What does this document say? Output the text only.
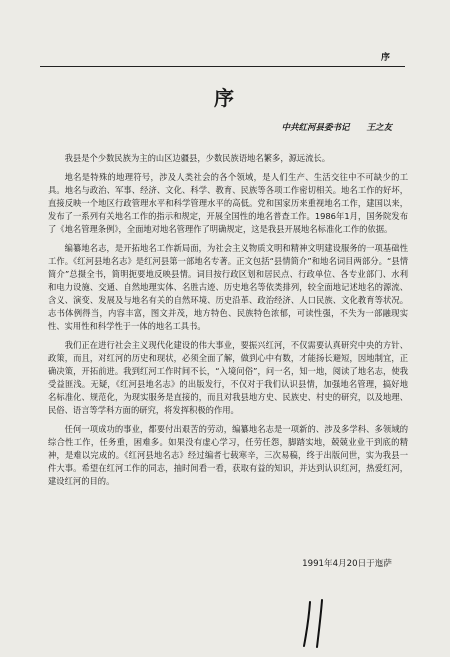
序
序
中共红河县委书记 王之友

我县是个少数民族为主的山区边疆县，少数民族语地名繁多，源远流长。

地名是特殊的地理符号，涉及人类社会的各个领域，是人们生产、生活交往中不可缺少的工具。地名与政治、军事、经济、文化、科学、教育、民族等各项工作密切相关。地名工作的好坏，直接反映一个地区行政管理水平和科学管理水平的高低。党和国家历来重视地名工作，建国以来，发布了一系列有关地名工作的指示和规定，开展全国性的地名普查工作。1986年1月，国务院发布了《地名管理条例》，全面地对地名管理作了明确规定，这是我县开展地名标准化工作的依据。

编纂地名志，是开拓地名工作新局面，为社会主义物质文明和精神文明建设服务的一项基础性工作。《红河县地名志》是红河县第一部地名专著。正文包括“县情简介”和地名词目两部分。“县情简介”总摄全书，简明扼要地反映县情。词目按行政区划和居民点、行政单位、各专业部门、水利和电力设施、交通、自然地理实体、名胜古迹、历史地名等依类排列，较全面地记述地名的源流、含义、演变、发展及与地名有关的自然环境、历史沿革、政治经济、人口民族、文化教育等状况。志书体例得当，内容丰富，图文并茂，地方特色、民族特色浓郁，可读性强，不失为一部融现实性、实用性和科学性于一体的地名工具书。

我们正在进行社会主义现代化建设的伟大事业，要振兴红河，不仅需要认真研究中央的方针、政策，而且，对红河的历史和现状，必须全面了解，做到心中有数，才能扬长避短，因地制宜，正确决策，开拓前进。我到红河工作时间不长，“入境问俗”，问一名，知一地，阅读了地名志，使我受益匪浅。无疑，《红河县地名志》的出版发行，不仅对于我们认识县情，加强地名管理，搞好地名标准化、规范化，为现实服务是直接的，而且对我县地方史、民族史、村史的研究，以及地理、民俗、语言等学科方面的研究，将发挥积极的作用。

任何一项成功的事业，都要付出艰苦的劳动，编纂地名志是一项新的、涉及多学科、多领域的综合性工作，任务重，困难多。如果没有虚心学习，任劳任怨，脚踏实地，兢兢业业干到底的精神，是难以完成的。《红河县地名志》经过编者七载寒辛，三次易稿，终于出版问世，实为我县一件大事。希望在红河工作的同志，抽时间看一看，获取有益的知识，并达到认识红河，热爱红河，建设红河的目的。

1991年4月20日于迤萨
